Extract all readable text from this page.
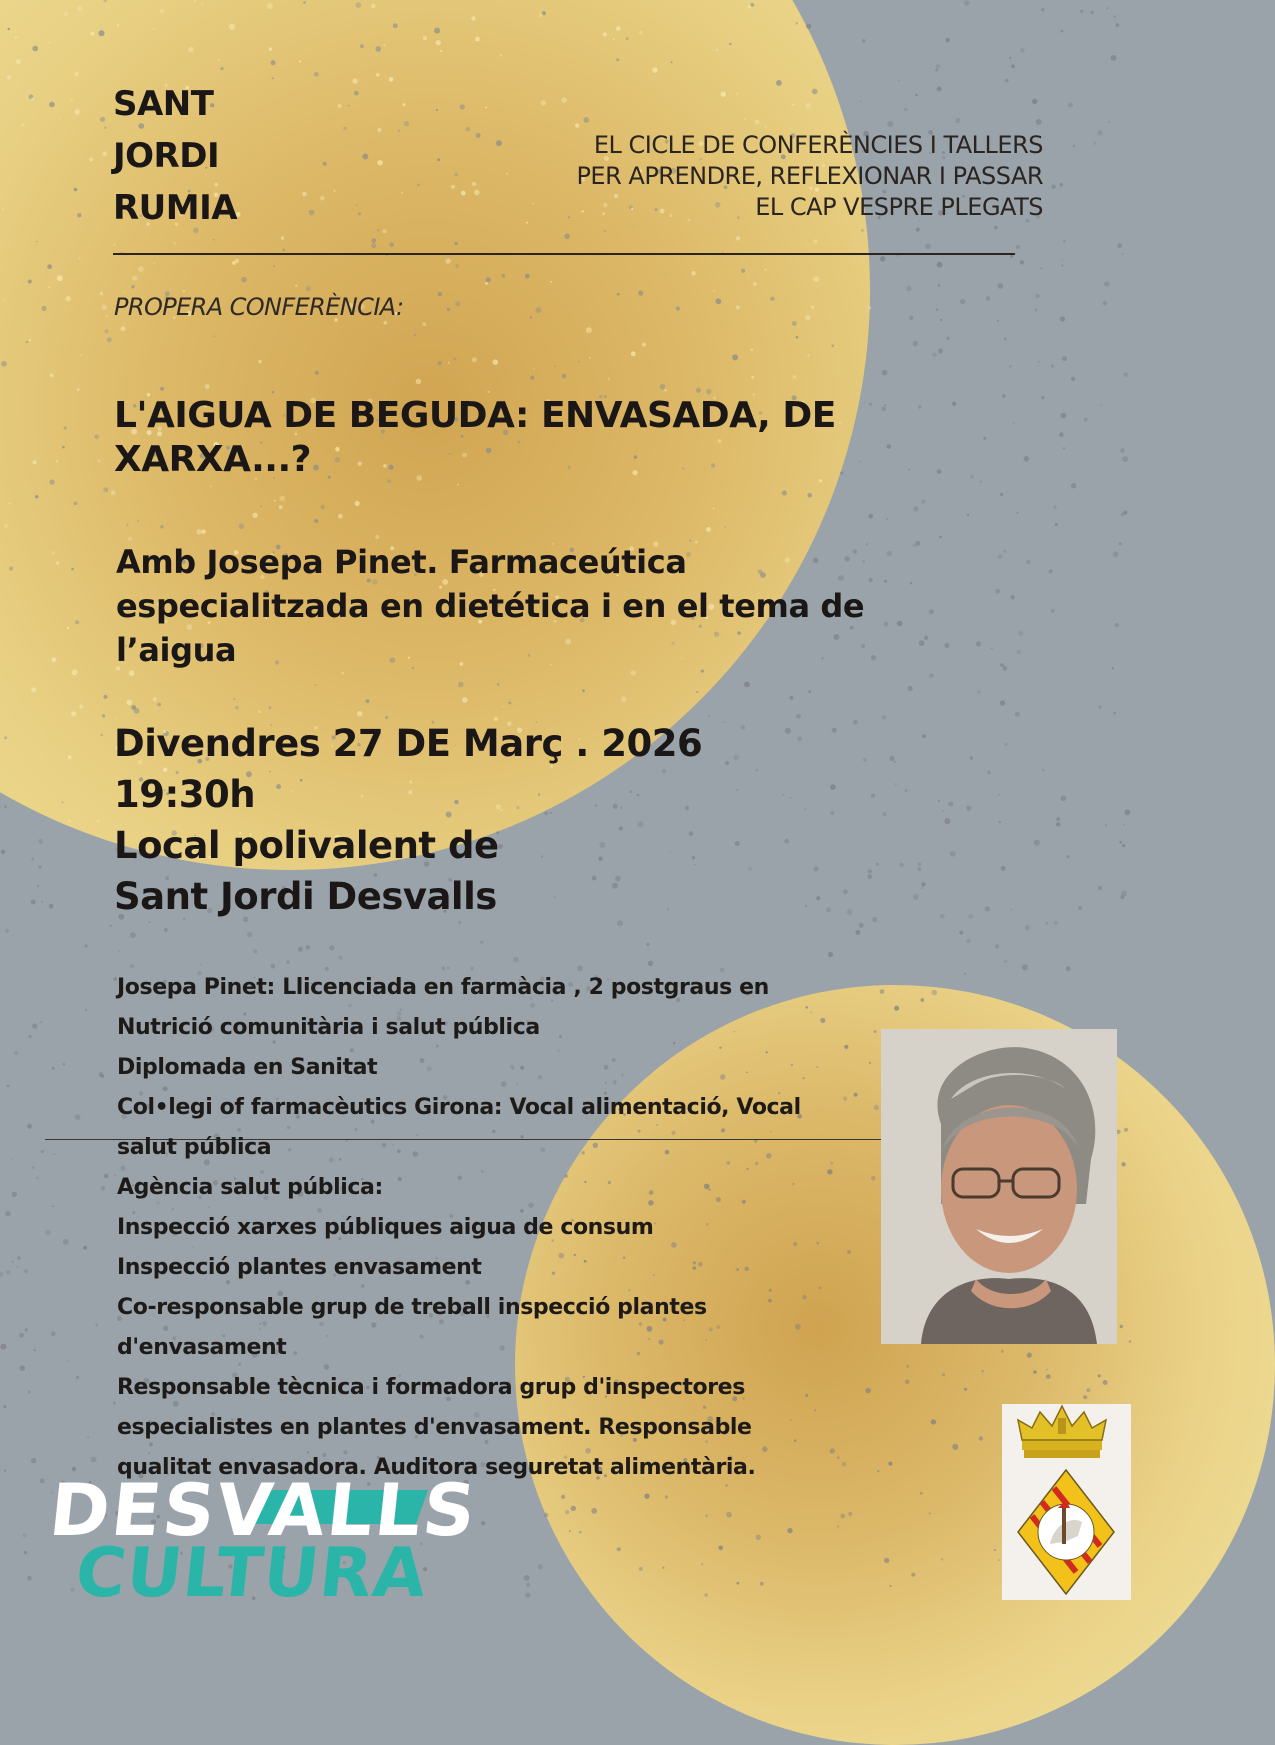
SANT
JORDI
RUMIA
EL CICLE DE CONFERÈNCIES I TALLERS
PER APRENDRE, REFLEXIONAR I PASSAR
EL CAP VESPRE PLEGATS
PROPERA CONFERÈNCIA:
L'AIGUA DE BEGUDA: ENVASADA, DE XARXA...?
Amb Josepa Pinet. Farmaceútica especialitzada en dietética i en el tema de l’aigua
Divendres 27 DE Març . 2026
19:30h
Local polivalent de
Sant Jordi Desvalls
Josepa Pinet: Llicenciada en farmàcia , 2 postgraus en
Nutrició comunitària i salut pública
Diplomada en Sanitat
Col•legi of farmacèutics Girona: Vocal alimentació, Vocal
salut pública
Agència salut pública:
Inspecció xarxes públiques aigua de consum
Inspecció plantes envasament
Co-responsable grup de treball inspecció plantes
d'envasament
Responsable tècnica i formadora grup d'inspectores
especialistes en plantes d'envasament. Responsable
qualitat envasadora. Auditora seguretat alimentària.
DESVALLS
CULTURA
